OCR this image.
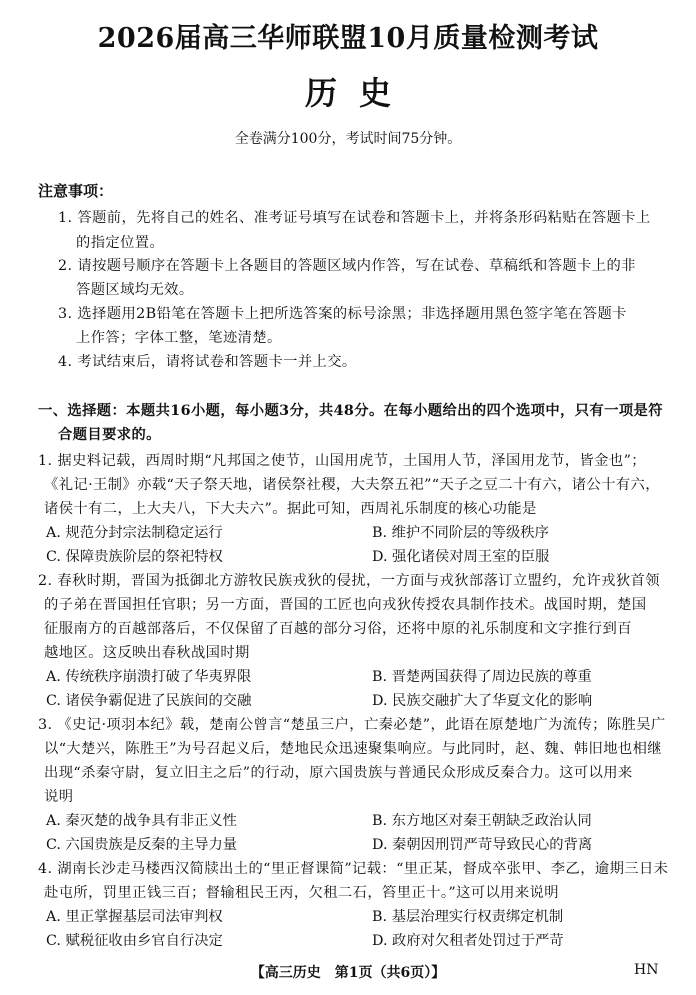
2026届高三华师联盟10月质量检测考试
历史
全卷满分100分，考试时间75分钟。
注意事项：
1. 答题前，先将自己的姓名、准考证号填写在试卷和答题卡上，并将条形码粘贴在答题卡上
的指定位置。
2. 请按题号顺序在答题卡上各题目的答题区域内作答，写在试卷、草稿纸和答题卡上的非
答题区域均无效。
3. 选择题用2B铅笔在答题卡上把所选答案的标号涂黑；非选择题用黑色签字笔在答题卡
上作答；字体工整，笔迹清楚。
4. 考试结束后，请将试卷和答题卡一并上交。
一、选择题：本题共16小题，每小题3分，共48分。在每小题给出的四个选项中，只有一项是符
合题目要求的。
1. 据史料记载，西周时期“凡邦国之使节，山国用虎节，土国用人节，泽国用龙节，皆金也”；
《礼记·王制》亦载“天子祭天地，诸侯祭社稷，大夫祭五祀”“天子之豆二十有六，诸公十有六，
诸侯十有二，上大夫八，下大夫六”。据此可知，西周礼乐制度的核心功能是
A. 规范分封宗法制稳定运行	B. 维护不同阶层的等级秩序
C. 保障贵族阶层的祭祀特权	D. 强化诸侯对周王室的臣服
2. 春秋时期，晋国为抵御北方游牧民族戎狄的侵扰，一方面与戎狄部落订立盟约，允许戎狄首领
的子弟在晋国担任官职；另一方面，晋国的工匠也向戎狄传授农具制作技术。战国时期，楚国
征服南方的百越部落后，不仅保留了百越的部分习俗，还将中原的礼乐制度和文字推行到百
越地区。这反映出春秋战国时期
A. 传统秩序崩溃打破了华夷界限	B. 晋楚两国获得了周边民族的尊重
C. 诸侯争霸促进了民族间的交融	D. 民族交融扩大了华夏文化的影响
3. 《史记·项羽本纪》载，楚南公曾言“楚虽三户，亡秦必楚”，此语在原楚地广为流传；陈胜吴广
以“大楚兴，陈胜王”为号召起义后，楚地民众迅速聚集响应。与此同时，赵、魏、韩旧地也相继
出现“杀秦守尉，复立旧主之后”的行动，原六国贵族与普通民众形成反秦合力。这可以用来
说明
A. 秦灭楚的战争具有非正义性	B. 东方地区对秦王朝缺乏政治认同
C. 六国贵族是反秦的主导力量	D. 秦朝因刑罚严苛导致民心的背离
4. 湖南长沙走马楼西汉简牍出土的“里正督课简”记载：“里正某，督成卒张甲、李乙，逾期三日未
赴屯所，罚里正钱三百；督输租民王丙，欠租二石，笞里正十。”这可以用来说明
A. 里正掌握基层司法审判权	B. 基层治理实行权责绑定机制
C. 赋税征收由乡官自行决定	D. 政府对欠租者处罚过于严苛
【高三历史　第1页（共6页）】	HN
